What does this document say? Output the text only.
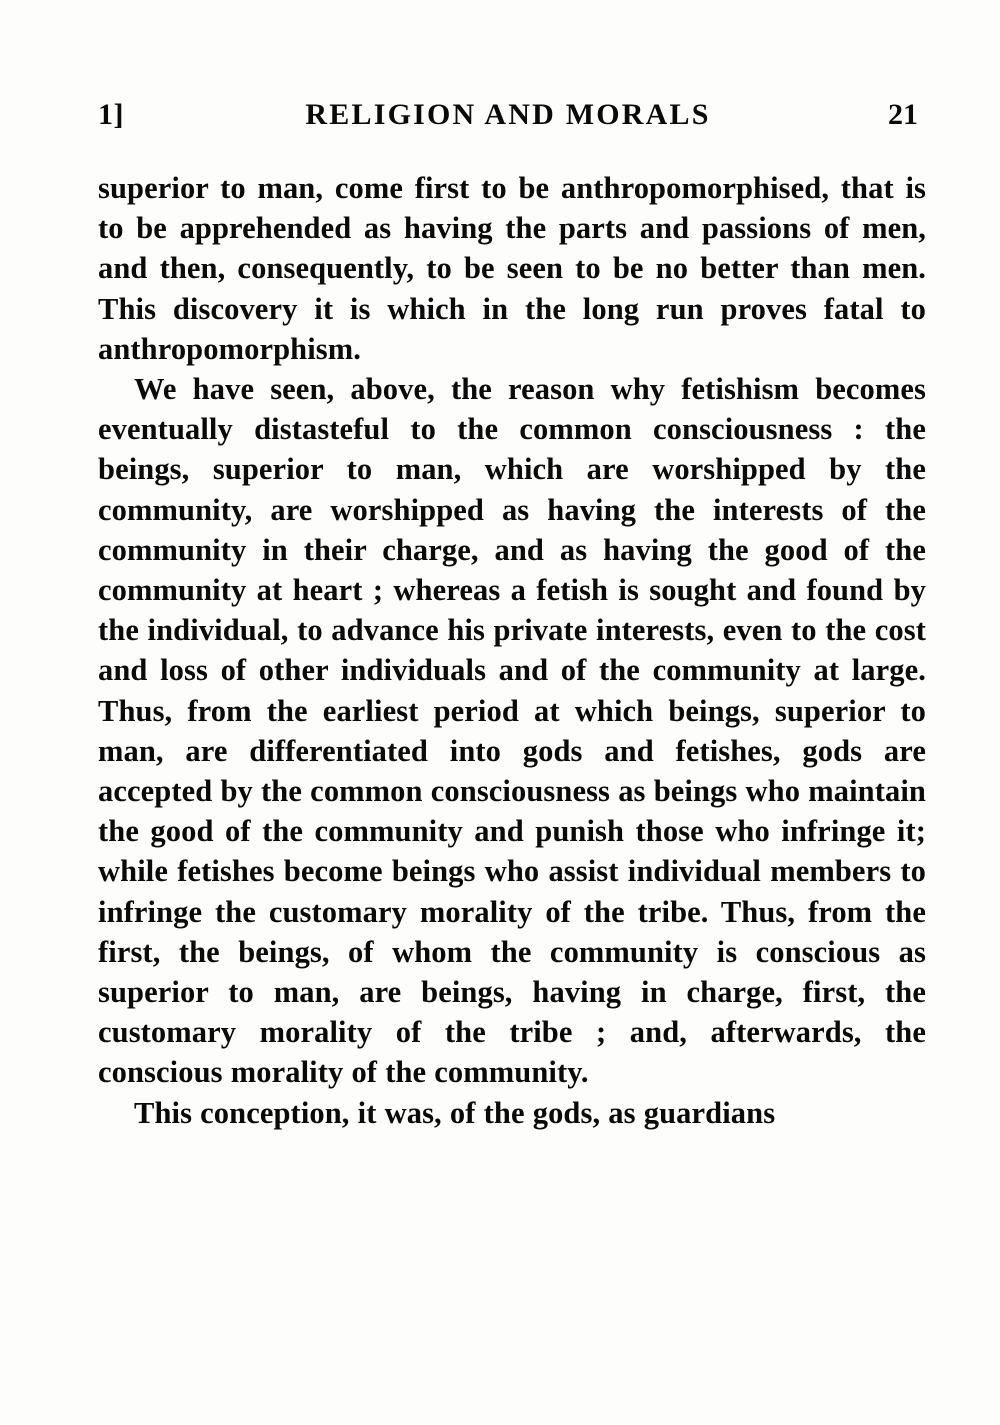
1]	RELIGION AND MORALS	21

superior to man, come first to be anthropomorphised, that is to be apprehended as having the parts and passions of men, and then, consequently, to be seen to be no better than men. This discovery it is which in the long run proves fatal to anthropomorphism.

We have seen, above, the reason why fetishism becomes eventually distasteful to the common consciousness : the beings, superior to man, which are worshipped by the community, are worshipped as having the interests of the community in their charge, and as having the good of the community at heart ; whereas a fetish is sought and found by the individual, to advance his private interests, even to the cost and loss of other individuals and of the community at large. Thus, from the earliest period at which beings, superior to man, are differentiated into gods and fetishes, gods are accepted by the common consciousness as beings who maintain the good of the community and punish those who infringe it; while fetishes become beings who assist individual members to infringe the customary morality of the tribe. Thus, from the first, the beings, of whom the community is conscious as superior to man, are beings, having in charge, first, the customary morality of the tribe ; and, afterwards, the conscious morality of the community.

This conception, it was, of the gods, as guardians
